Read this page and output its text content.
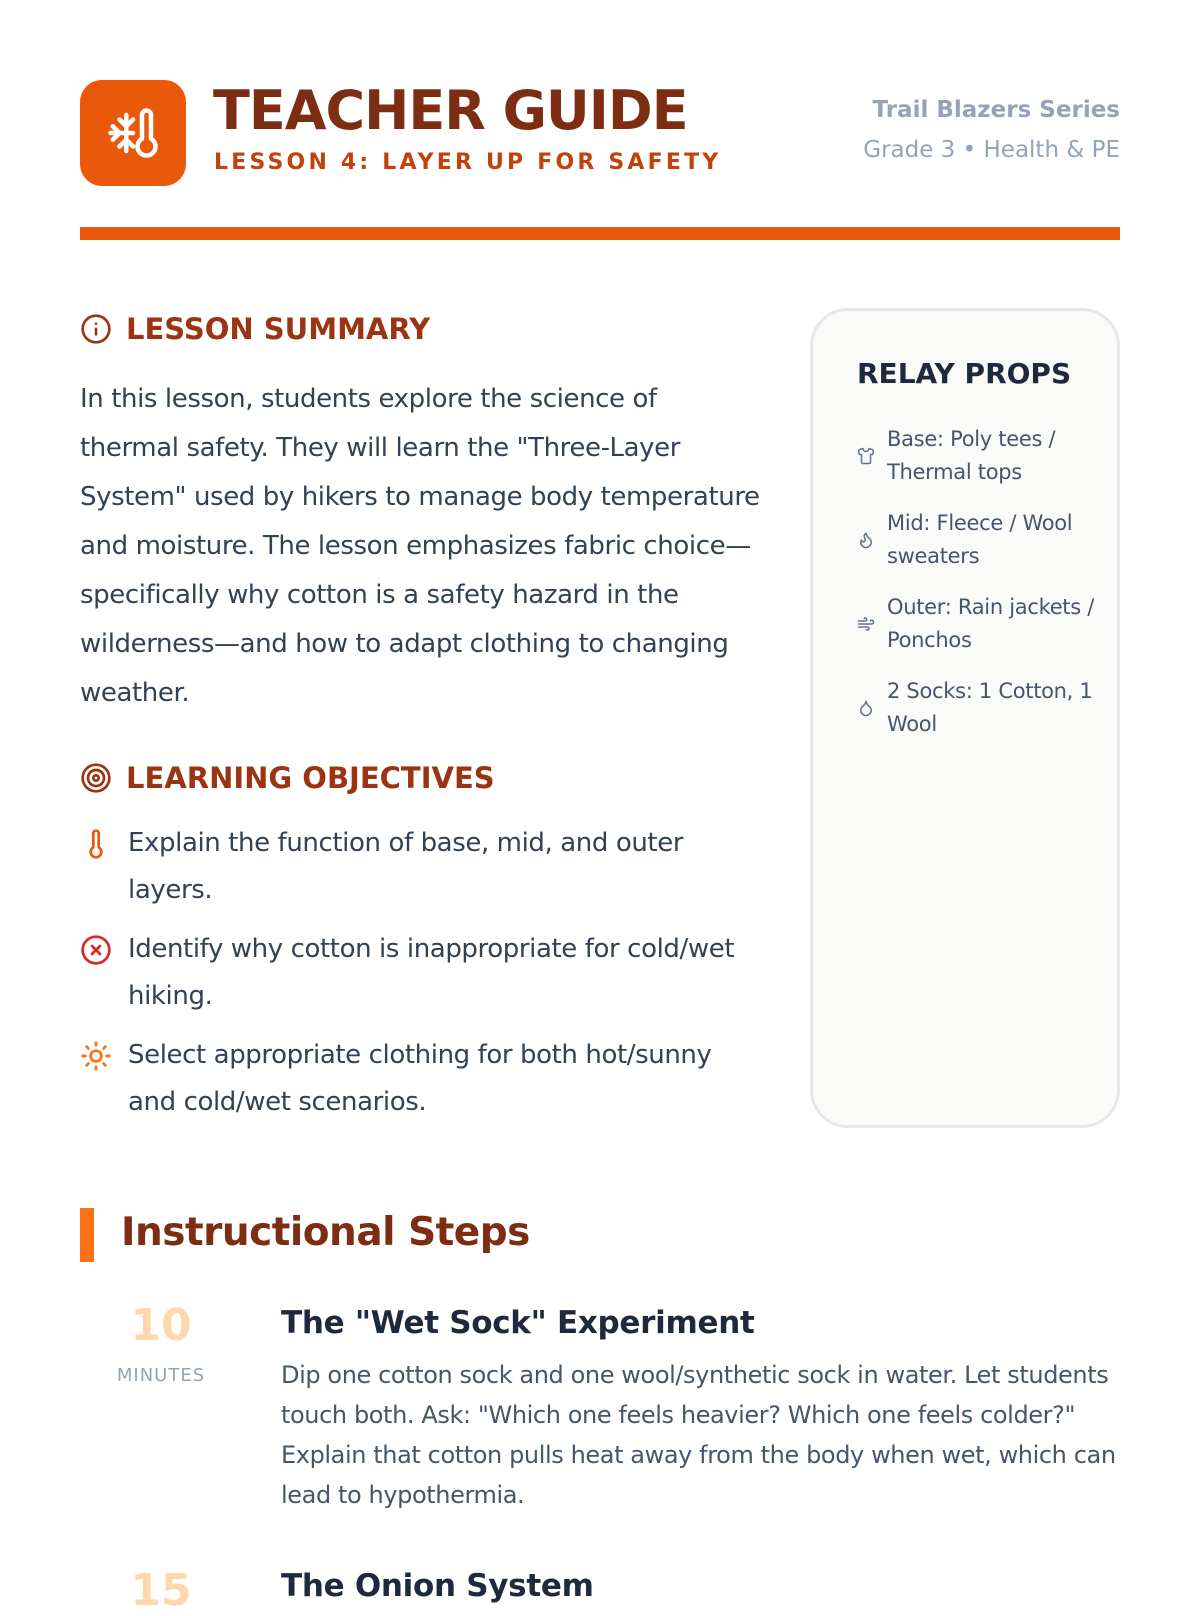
TEACHER GUIDE
LESSON 4: LAYER UP FOR SAFETY
Trail Blazers Series
Grade 3 • Health & PE
LESSON SUMMARY
In this lesson, students explore the science of thermal safety. They will learn the "Three-Layer System" used by hikers to manage body temperature and moisture. The lesson emphasizes fabric choice—specifically why cotton is a safety hazard in the wilderness—and how to adapt clothing to changing weather.
LEARNING OBJECTIVES
Explain the function of base, mid, and outer layers.
Identify why cotton is inappropriate for cold/wet hiking.
Select appropriate clothing for both hot/sunny and cold/wet scenarios.
RELAY PROPS
Base: Poly tees / Thermal tops
Mid: Fleece / Wool sweaters
Outer: Rain jackets / Ponchos
2 Socks: 1 Cotton, 1 Wool
Instructional Steps
10
MINUTES
The "Wet Sock" Experiment
Dip one cotton sock and one wool/synthetic sock in water. Let students touch both. Ask: "Which one feels heavier? Which one feels colder?" Explain that cotton pulls heat away from the body when wet, which can lead to hypothermia.
15	The Onion System
